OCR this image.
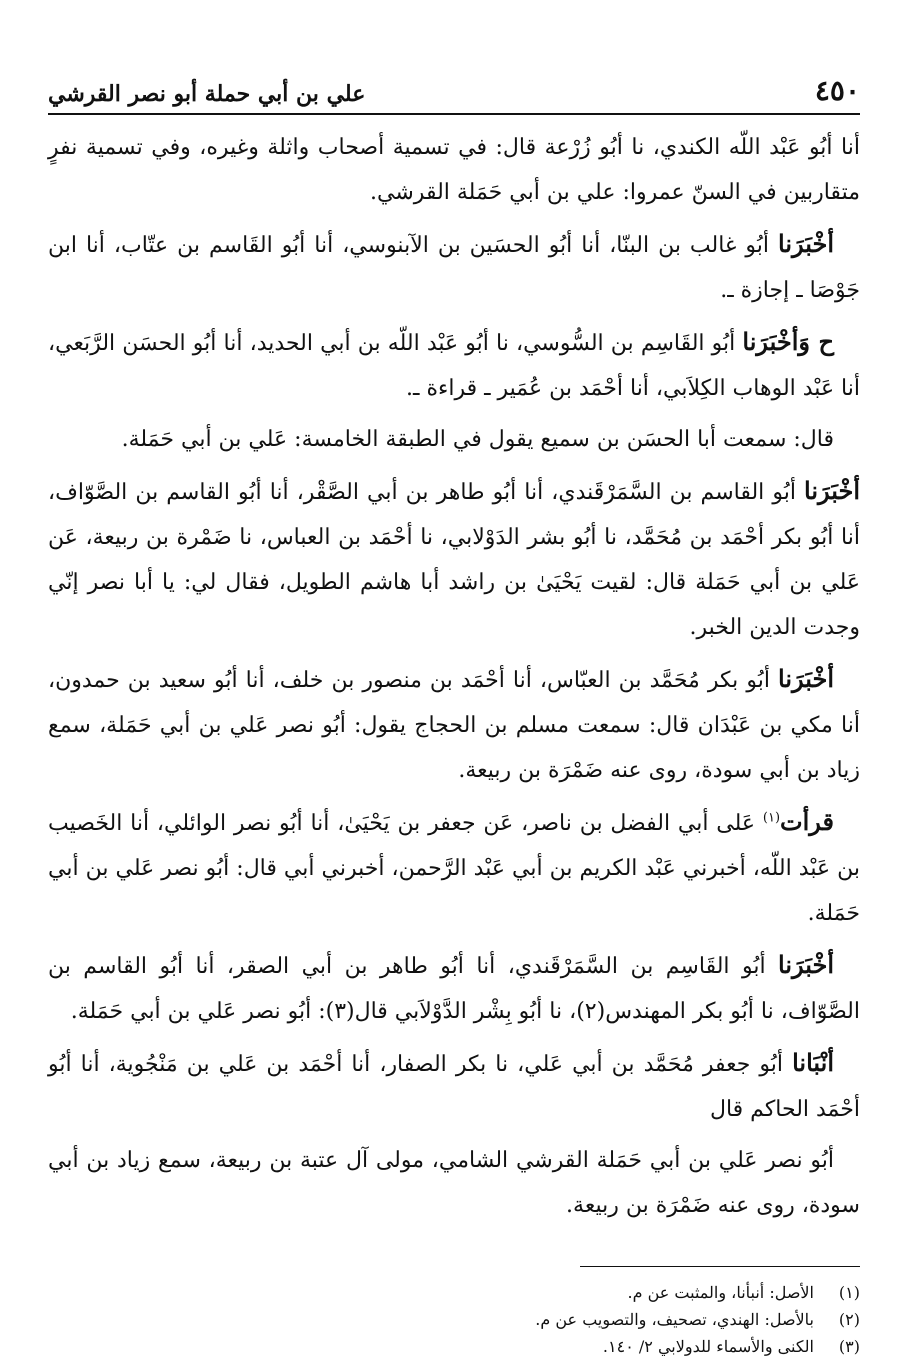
٤٥٠
علي بن أبي حملة أبو نصر القرشي

أنا أبُو عَبْد اللّه الكندي، نا أبُو زُرْعة قال: في تسمية أصحاب واثلة وغيره، وفي تسمية نفرٍ متقاربين في السنّ عمروا: علي بن أبي حَمَلة القرشي.

أخْبَرَنا أبُو غالب بن البنّا، أنا أبُو الحسَين بن الآبنوسي، أنا أبُو القَاسم بن عتّاب، أنا ابن جَوْصَا ـ إجازة ـ.

ح وَأخْبَرَنا أبُو القَاسِم بن السُّوسي، نا أبُو عَبْد اللّه بن أبي الحديد، أنا أبُو الحسَن الرَّبَعي، أنا عَبْد الوهاب الكِلاَبي، أنا أحْمَد بن عُمَير ـ قراءة ـ.

قال: سمعت أبا الحسَن بن سميع يقول في الطبقة الخامسة: عَلي بن أبي حَمَلة.

أخْبَرَنا أبُو القاسم بن السَّمَرْقَندي، أنا أبُو طاهر بن أبي الصَّقْر، أنا أبُو القاسم بن الصَّوّاف، أنا أبُو بكر أحْمَد بن مُحَمَّد، نا أبُو بشر الدَوْلابي، نا أحْمَد بن العباس، نا ضَمْرة بن ربيعة، عَن عَلي بن أبي حَمَلة قال: لقيت يَحْيَىٰ بن راشد أبا هاشم الطويل، فقال لي: يا أبا نصر إنّي وجدت الدين الخبر.

أخْبَرَنا أبُو بكر مُحَمَّد بن العبّاس، أنا أحْمَد بن منصور بن خلف، أنا أبُو سعيد بن حمدون، أنا مكي بن عَبْدَان قال: سمعت مسلم بن الحجاج يقول: أبُو نصر عَلي بن أبي حَمَلة، سمع زياد بن أبي سودة، روى عنه ضَمْرَة بن ربيعة.

قرأت$^{(١)}$ عَلى أبي الفضل بن ناصر، عَن جعفر بن يَحْيَىٰ، أنا أبُو نصر الوائلي، أنا الخَصيب بن عَبْد اللّه، أخبرني عَبْد الكريم بن أبي عَبْد الرَّحمن، أخبرني أبي قال: أبُو نصر عَلي بن أبي حَمَلة.

أخْبَرَنا أبُو القَاسِم بن السَّمَرْقَندي، أنا أبُو طاهر بن أبي الصقر، أنا أبُو القاسم بن الصَّوّاف، نا أبُو بكر المهندس(٢)، نا أبُو بِشْر الدَّوْلاَبي قال(٣): أبُو نصر عَلي بن أبي حَمَلة.

أنْبَانا أبُو جعفر مُحَمَّد بن أبي عَلي، نا بكر الصفار، أنا أحْمَد بن عَلي بن مَنْجُوية، أنا أبُو أحْمَد الحاكم قال

أبُو نصر عَلي بن أبي حَمَلة القرشي الشامي، مولى آل عتبة بن ربيعة، سمع زياد بن أبي سودة، روى عنه ضَمْرَة بن ربيعة.

(١)
الأصل: أنبأنا، والمثبت عن م.
(٢)
بالأصل: الهندي، تصحيف، والتصويب عن م.
(٣)
الكنى والأسماء للدولابي ٢/ ١٤٠.
